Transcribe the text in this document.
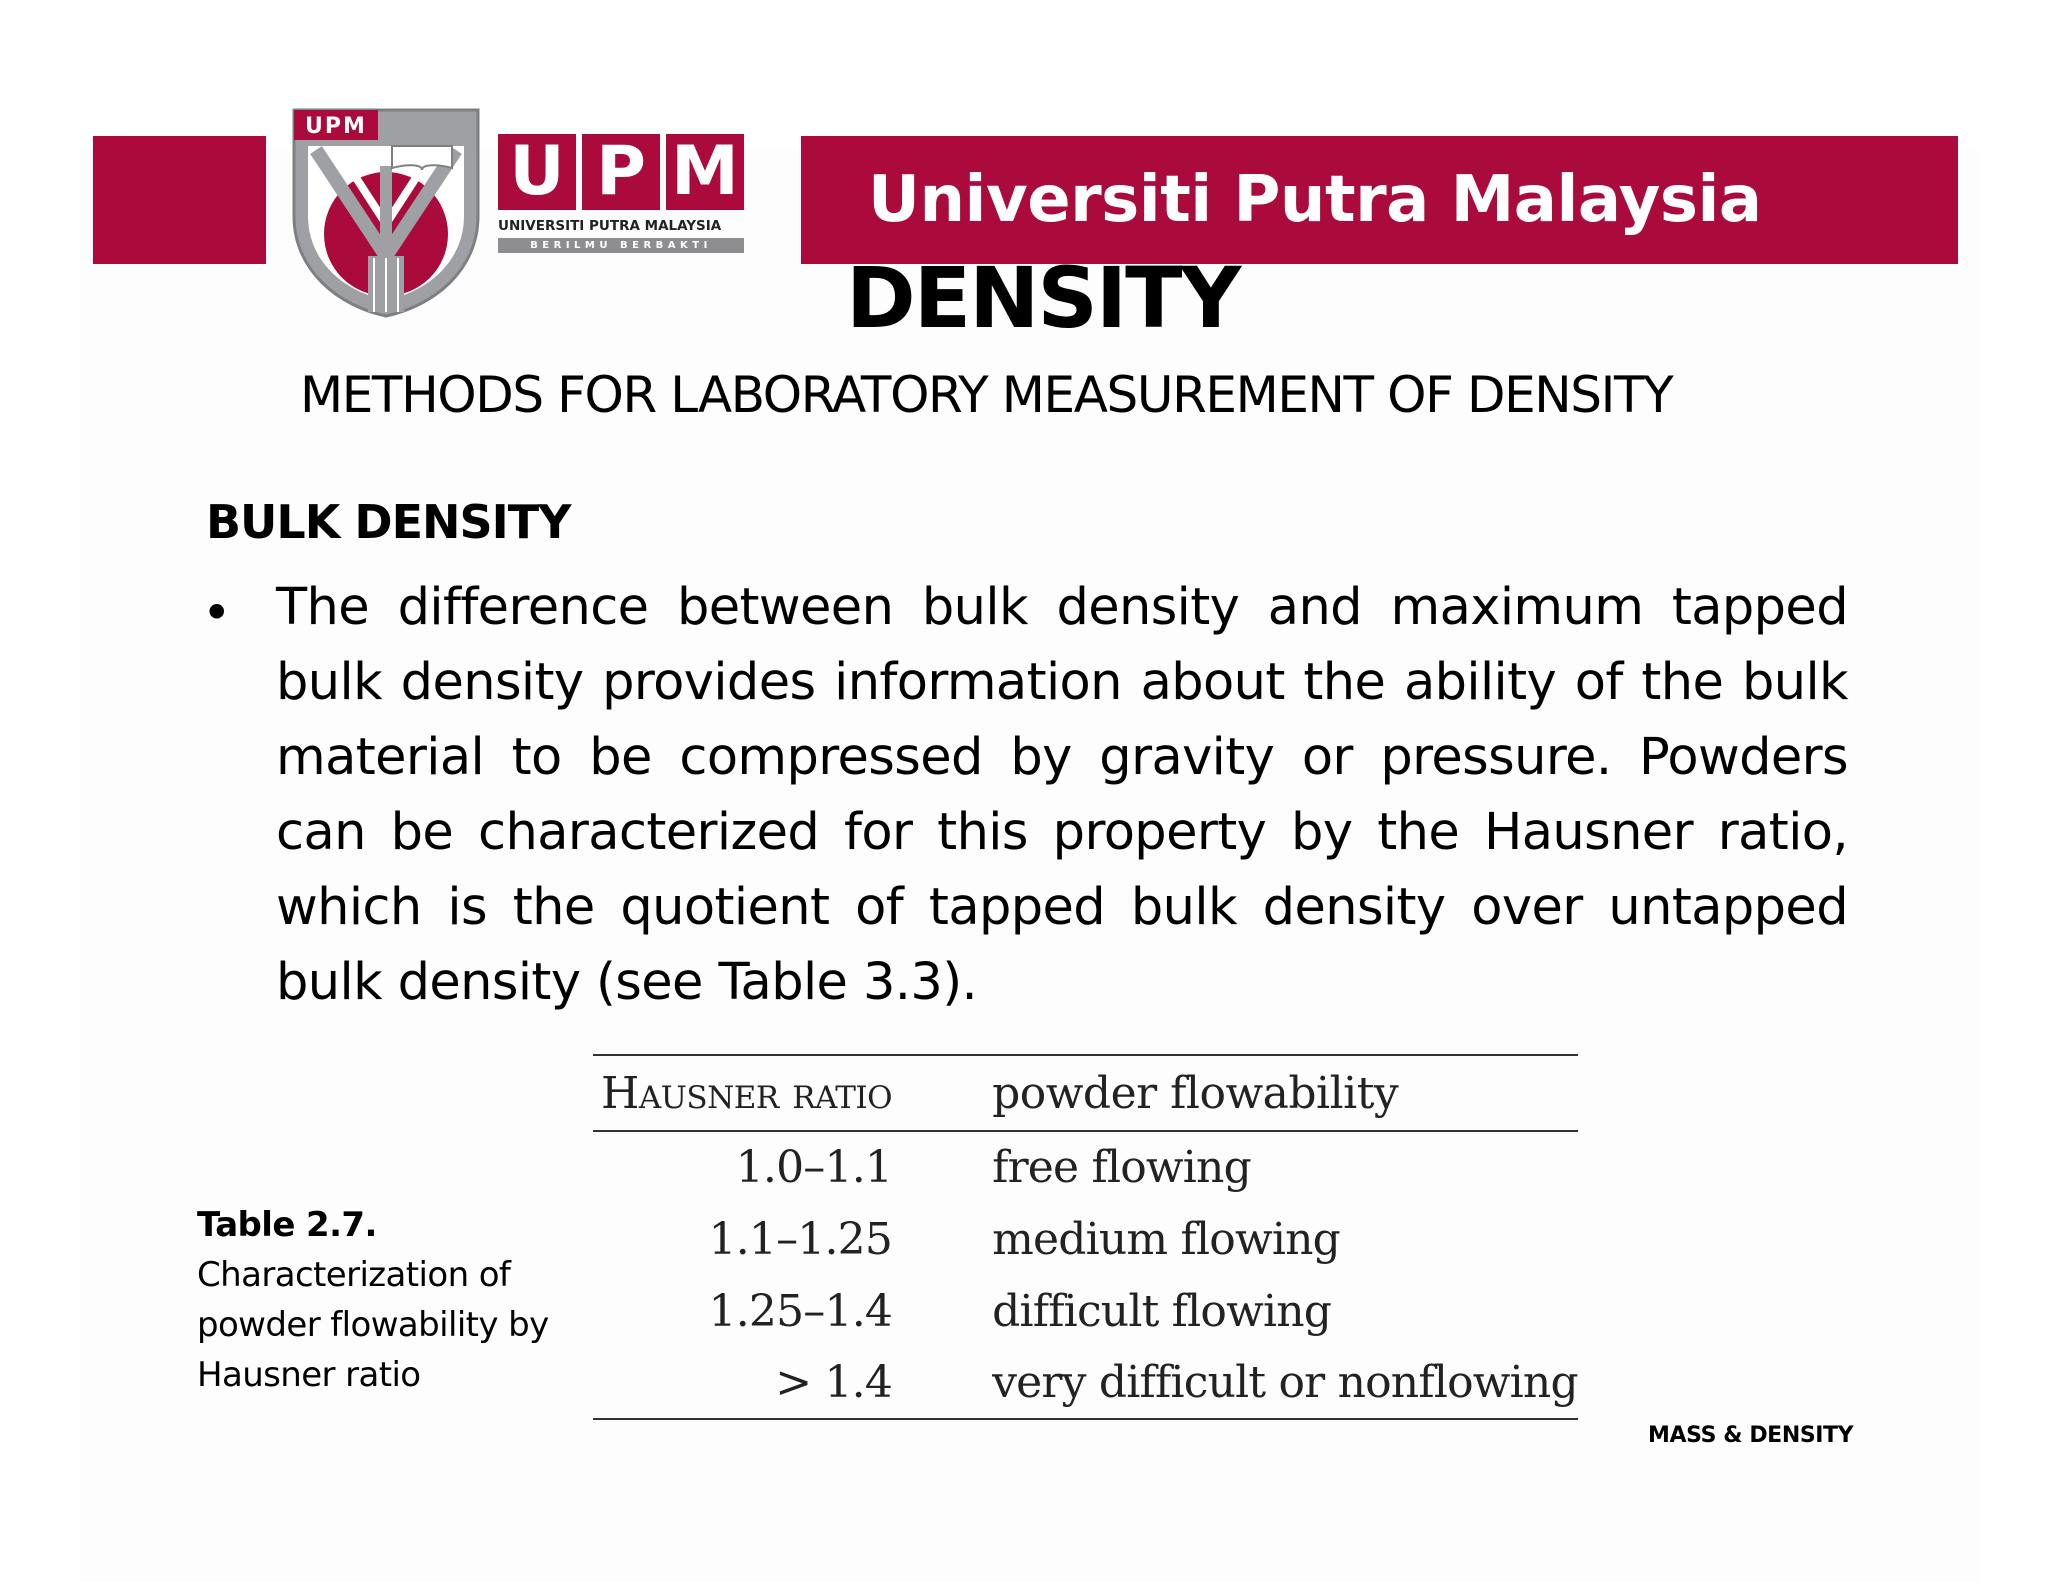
Universiti Putra Malaysia
UPM
U P M
UNIVERSITI PUTRA MALAYSIA
BERILMU BERBAKTI
DENSITY
METHODS FOR LABORATORY MEASUREMENT OF DENSITY
BULK DENSITY
• The difference between bulk density and maximum tapped bulk density provides information about the ability of the bulk material to be compressed by gravity or pressure. Powders can be characterized for this property by the Hausner ratio, which is the quotient of tapped bulk density over untapped bulk density (see Table 3.3).
Hausner ratio	powder flowability
1.0–1.1	free flowing
1.1–1.25	medium flowing
1.25–1.4	difficult flowing
> 1.4	very difficult or nonflowing
Table 2.7.
Characterization of powder flowability by Hausner ratio
MASS & DENSITY
